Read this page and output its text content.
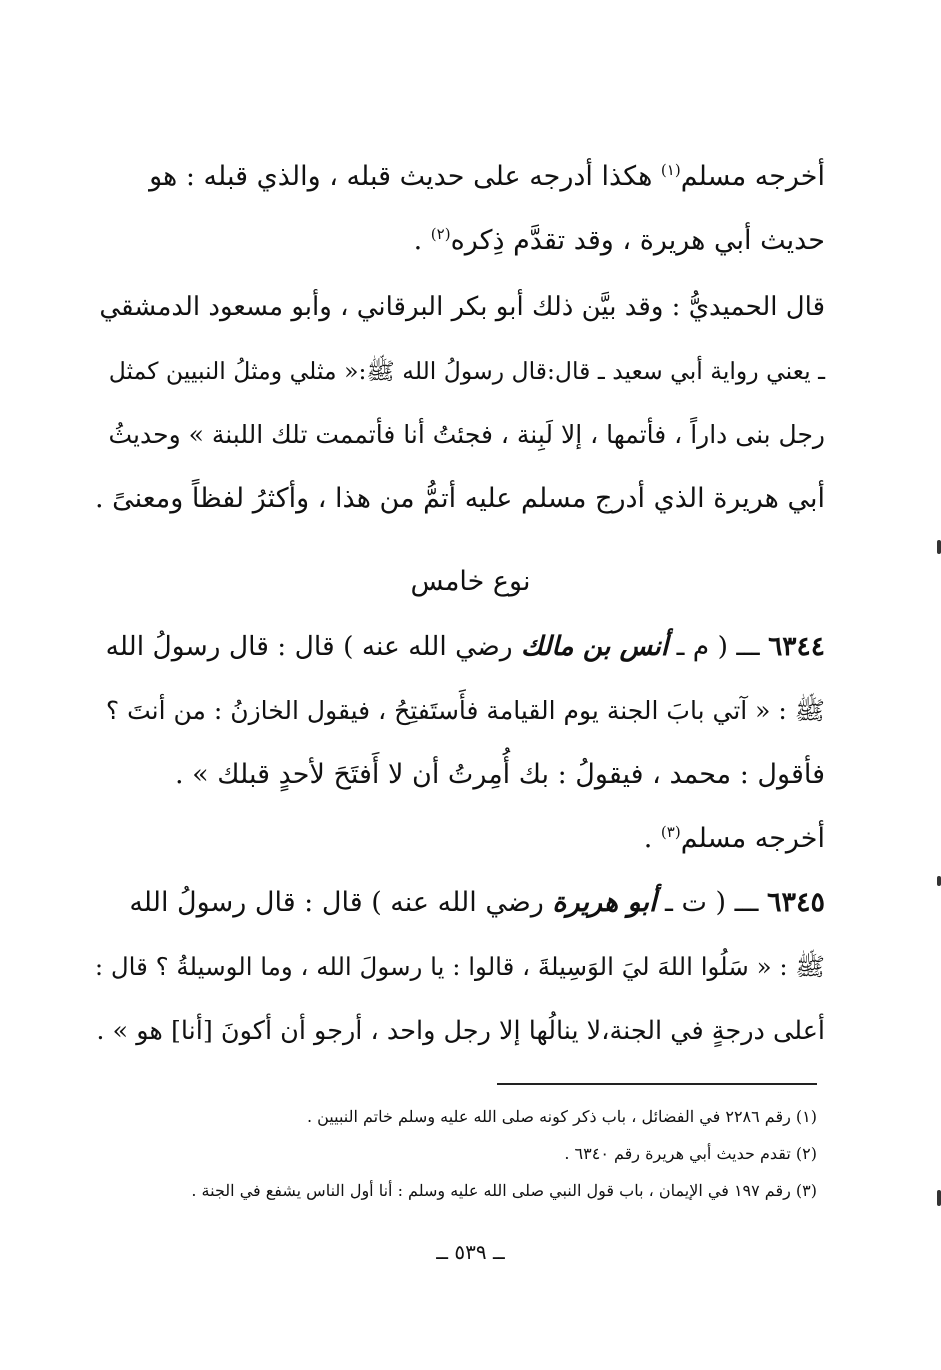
أخرجه مسلم$^{(١)}$ هكذا أدرجه على حديث قبله ، والذي قبله : هو
حديث أبي هريرة ، وقد تقدَّم ذِكره$^{(٢)}$ .
قال الحميديُّ : وقد بيَّن ذلك أبو بكر البرقاني ، وأبو مسعود الدمشقي
ـ يعني رواية أبي سعيد ـ قال:قال رسولُ الله ﷺ:« مثلي ومثلُ النبيين كمثل
رجل بنى داراً ، فأتمها ، إلا لَبِنة ، فجئتُ أنا فأتممت تلك اللبنة » وحديثُ
أبي هريرة الذي أدرج مسلم عليه أتمُّ من هذا ، وأكثرُ لفظاً ومعنىً .
نوع خامس
٦٣٤٤ ـــ ( م ـ أنس بن مالك رضي الله عنه ) قال : قال رسولُ الله
ﷺ : « آتي بابَ الجنة يوم القيامة فأَستَفتِحُ ، فيقول الخازنُ : من أنتَ ؟
فأقول : محمد ، فيقولُ : بك أُمِرتُ أن لا أَفتَحَ لأحدٍ قبلك » .
أخرجه مسلم$^{(٣)}$ .
٦٣٤٥ ـــ ( ت ـ أبو هريرة رضي الله عنه ) قال : قال رسولُ الله
ﷺ : « سَلُوا اللهَ ليَ الوَسِيلةَ ، قالوا : يا رسولَ الله ، وما الوسيلةُ ؟ قال :
أعلى درجةٍ في الجنة،لا ينالُها إلا رجل واحد ، أرجو أن أكونَ [أنا] هو » .
(١) رقم ٢٢٨٦ في الفضائل ، باب ذكر كونه صلى الله عليه وسلم خاتم النبيين .
(٢) تقدم حديث أبي هريرة رقم ٦٣٤٠ .
(٣) رقم ١٩٧ في الإيمان ، باب قول النبي صلى الله عليه وسلم : أنا أول الناس يشفع في الجنة .
ــ ٥٣٩ ــ
